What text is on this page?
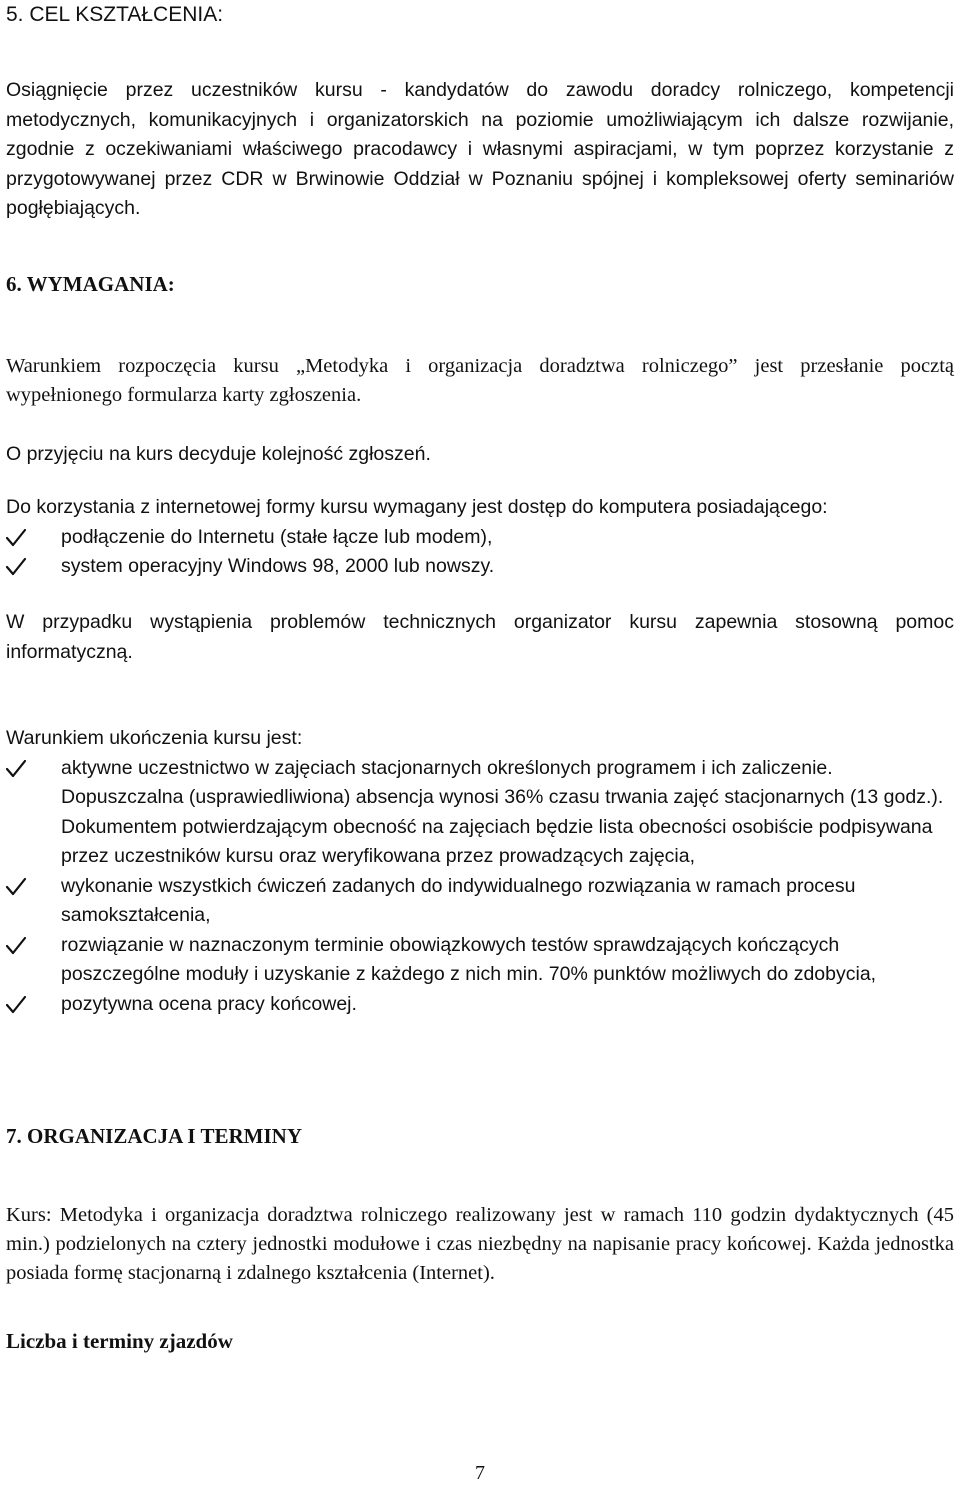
5. CEL KSZTAŁCENIA:

Osiągnięcie przez uczestników kursu - kandydatów do zawodu doradcy rolniczego, kompetencji metodycznych, komunikacyjnych i organizatorskich na poziomie umożliwiającym ich dalsze rozwijanie, zgodnie z oczekiwaniami właściwego pracodawcy i własnymi aspiracjami, w tym poprzez korzystanie z przygotowywanej przez CDR w Brwinowie Oddział w Poznaniu spójnej i kompleksowej oferty seminariów pogłębiających.

6. WYMAGANIA:

Warunkiem rozpoczęcia kursu „Metodyka i organizacja doradztwa rolniczego” jest przesłanie pocztą wypełnionego formularza karty zgłoszenia.

O przyjęciu na kurs decyduje kolejność zgłoszeń.

Do korzystania z internetowej formy kursu wymagany jest dostęp do komputera posiadającego:
podłączenie do Internetu (stałe łącze lub modem),
system operacyjny Windows 98, 2000 lub nowszy.

W przypadku wystąpienia problemów technicznych organizator kursu zapewnia stosowną pomoc informatyczną.

Warunkiem ukończenia kursu jest:
aktywne uczestnictwo w zajęciach stacjonarnych określonych programem i ich zaliczenie. Dopuszczalna (usprawiedliwiona) absencja wynosi 36% czasu trwania zajęć stacjonarnych (13 godz.). Dokumentem potwierdzającym obecność na zajęciach będzie lista obecności osobiście podpisywana przez uczestników kursu oraz weryfikowana przez prowadzących zajęcia,
wykonanie wszystkich ćwiczeń zadanych do indywidualnego rozwiązania w ramach procesu samokształcenia,
rozwiązanie w naznaczonym terminie obowiązkowych testów sprawdzających kończących poszczególne moduły i uzyskanie z każdego z nich min. 70% punktów możliwych do zdobycia,
pozytywna ocena pracy końcowej.
7. ORGANIZACJA I TERMINY

Kurs: Metodyka i organizacja doradztwa rolniczego realizowany jest w ramach 110 godzin dydaktycznych (45 min.) podzielonych na cztery jednostki modułowe i czas niezbędny na napisanie pracy końcowej. Każda jednostka posiada formę stacjonarną i zdalnego kształcenia (Internet).

Liczba i terminy zjazdów
7
